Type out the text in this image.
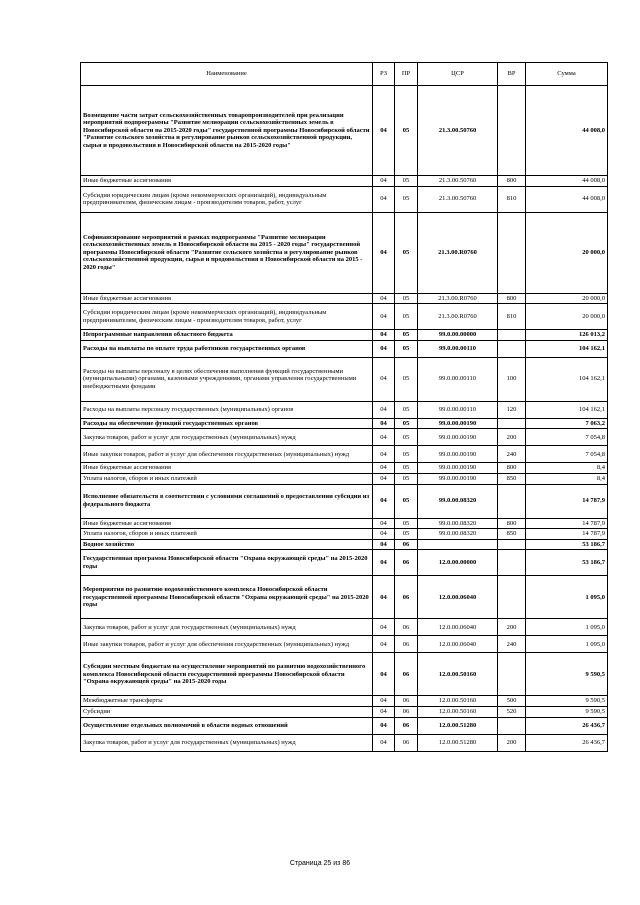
Наименование	РЗ	ПР	ЦСР	ВР	Сумма
Возмещение части затрат сельскохозяйственных товаропроизводителей при реализации мероприятий подпрограммы "Развитие мелиорации сельскохозяйственных земель в Новосибирской области на 2015-2020 годы" государственной программы Новосибирской области "Развитие сельского хозяйства и регулирование рынков сельскохозяйственной продукции, сырья и продовольствия в Новосибирской области на 2015-2020 годы"	04	05	21.3.00.50760		44 008,0
Иные бюджетные ассигнования	04	05	21.3.00.50760	800	44 008,0
Субсидии юридическим лицам (кроме некоммерческих организаций), индивидуальным предпринимателям, физическим лицам - производителям товаров, работ, услуг	04	05	21.3.00.50760	810	44 008,0
Софинансирование мероприятий в рамках подпрограммы "Развитие мелиорации сельскохозяйственных земель в Новосибирской области на 2015 - 2020 годы" государственной программы Новосибирской области "Развитие сельского хозяйства и регулирование рынков сельскохозяйственной продукции, сырья и продовольствия в Новосибирской области на 2015 - 2020 годы"	04	05	21.3.00.R0760		20 000,0
Иные бюджетные ассигнования	04	05	21.3.00.R0760	800	20 000,0
Субсидии юридическим лицам (кроме некоммерческих организаций), индивидуальным предпринимателям, физическим лицам - производителям товаров, работ, услуг	04	05	21.3.00.R0760	810	20 000,0
Непрограммные направления областного бюджета	04	05	99.0.00.00000		126 013,2
Расходы на выплаты по оплате труда работников государственных органов	04	05	99.0.00.00110		104 162,1
Расходы на выплаты персоналу в целях обеспечения выполнения функций государственными (муниципальными) органами, казенными учреждениями, органами управления государственными внебюджетными фондами	04	05	99.0.00.00110	100	104 162,1
Расходы на выплаты персоналу государственных (муниципальных) органов	04	05	99.0.00.00110	120	104 162,1
Расходы на обеспечение функций государственных органов	04	05	99.0.00.00190		7 063,2
Закупка товаров, работ и услуг для государственных (муниципальных) нужд	04	05	99.0.00.00190	200	7 054,8
Иные закупки товаров, работ и услуг для обеспечения государственных (муниципальных) нужд	04	05	99.0.00.00190	240	7 054,8
Иные бюджетные ассигнования	04	05	99.0.00.00190	800	8,4
Уплата налогов, сборов и иных платежей	04	05	99.0.00.00190	850	8,4
Исполнение обязательств в соответствии с условиями соглашений о предоставлении субсидии из федерального бюджета	04	05	99.0.00.08320		14 787,9
Иные бюджетные ассигнования	04	05	99.0.00.08320	800	14 787,9
Уплата налогов, сборов и иных платежей	04	05	99.0.00.08320	850	14 787,9
Водное хозяйство	04	06			53 186,7
Государственная программа Новосибирской области "Охрана окружающей среды" на 2015-2020 годы	04	06	12.0.00.00000		53 186,7
Мероприятия по развитию водохозяйственного комплекса Новосибирской области государственной программы Новосибирской области "Охрана окружающей среды" на 2015-2020 годы	04	06	12.0.00.06040		1 095,0
Закупка товаров, работ и услуг для государственных (муниципальных) нужд	04	06	12.0.00.06040	200	1 095,0
Иные закупки товаров, работ и услуг для обеспечения государственных (муниципальных) нужд	04	06	12.0.00.06040	240	1 095,0
Субсидии местным бюджетам на осуществление мероприятий по развитию водохозяйственного комплекса Новосибирской области государственной программы Новосибирской области "Охрана окружающей среды" на 2015-2020 годы	04	06	12.0.00.50160		9 590,5
Межбюджетные трансферты	04	06	12.0.00.50160	500	9 590,5
Субсидии	04	06	12.0.00.50160	520	9 590,5
Осуществление отдельных полномочий в области водных отношений	04	06	12.0.00.51280		26 436,7
Закупка товаров, работ и услуг для государственных (муниципальных) нужд	04	06	12.0.00.51280	200	26 436,7
Страница 25 из 86
